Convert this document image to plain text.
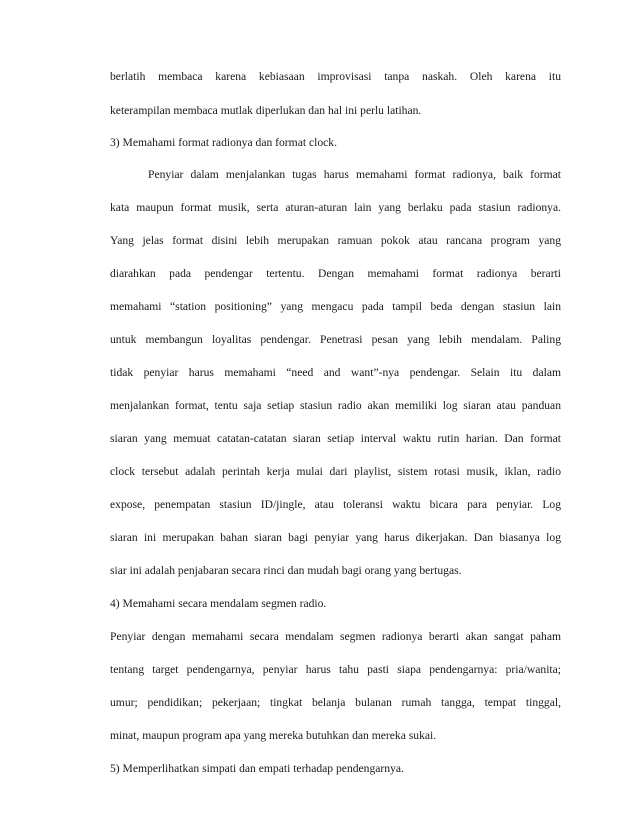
berlatih membaca karena kebiasaan improvisasi tanpa naskah. Oleh karena itu
keterampilan membaca mutlak diperlukan dan hal ini perlu latihan.
3) Memahami format radionya dan format clock.
Penyiar dalam menjalankan tugas harus memahami format radionya, baik format
kata maupun format musik, serta aturan-aturan lain yang berlaku pada stasiun radionya.
Yang jelas format disini lebih merupakan ramuan pokok atau rancana program yang
diarahkan pada pendengar tertentu. Dengan memahami format radionya berarti
memahami “station positioning” yang mengacu pada tampil beda dengan stasiun lain
untuk membangun loyalitas pendengar. Penetrasi pesan yang lebih mendalam. Paling
tidak penyiar harus memahami “need and want”-nya pendengar. Selain itu dalam
menjalankan format, tentu saja setiap stasiun radio akan memiliki log siaran atau panduan
siaran yang memuat catatan-catatan siaran setiap interval waktu rutin harian. Dan format
clock tersebut adalah perintah kerja mulai dari playlist, sistem rotasi musik, iklan, radio
expose, penempatan stasiun ID/jingle, atau toleransi waktu bicara para penyiar. Log
siaran ini merupakan bahan siaran bagi penyiar yang harus dikerjakan. Dan biasanya log
siar ini adalah penjabaran secara rinci dan mudah bagi orang yang bertugas.
4) Memahami secara mendalam segmen radio.
Penyiar dengan memahami secara mendalam segmen radionya berarti akan sangat paham
tentang target pendengarnya, penyiar harus tahu pasti siapa pendengarnya: pria/wanita;
umur; pendidikan; pekerjaan; tingkat belanja bulanan rumah tangga, tempat tinggal,
minat, maupun program apa yang mereka butuhkan dan mereka sukai.
5) Memperlihatkan simpati dan empati terhadap pendengarnya.
